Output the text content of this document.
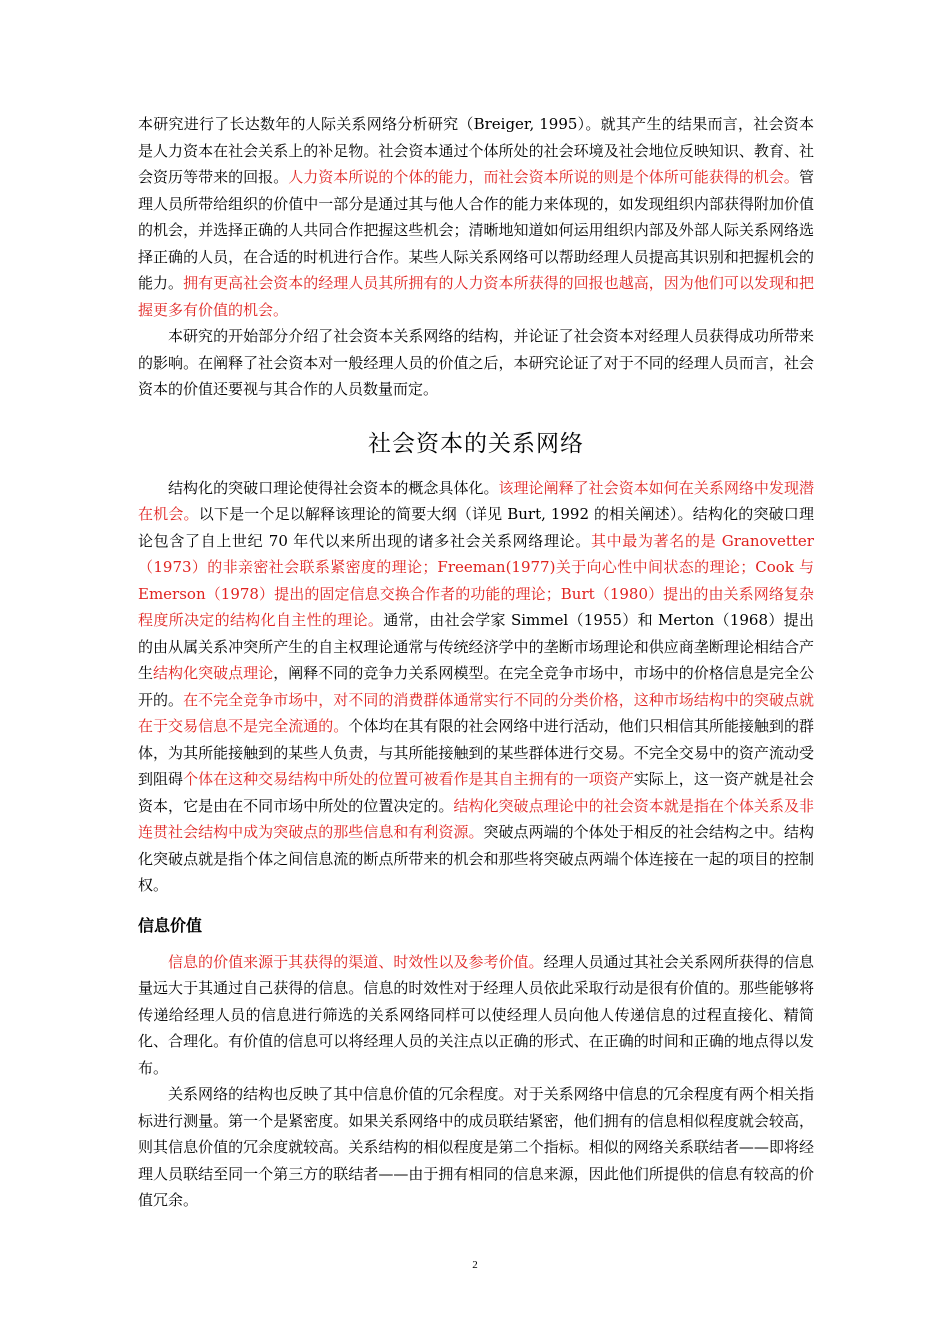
本研究进行了长达数年的人际关系网络分析研究（Breiger, 1995）。就其产生的结果而言，社会资本是人力资本在社会关系上的补足物。社会资本通过个体所处的社会环境及社会地位反映知识、教育、社会资历等带来的回报。人力资本所说的个体的能力，而社会资本所说的则是个体所可能获得的机会。管理人员所带给组织的价值中一部分是通过其与他人合作的能力来体现的，如发现组织内部获得附加价值的机会，并选择正确的人共同合作把握这些机会；清晰地知道如何运用组织内部及外部人际关系网络选择正确的人员，在合适的时机进行合作。某些人际关系网络可以帮助经理人员提高其识别和把握机会的能力。拥有更高社会资本的经理人员其所拥有的人力资本所获得的回报也越高，因为他们可以发现和把握更多有价值的机会。

本研究的开始部分介绍了社会资本关系网络的结构，并论证了社会资本对经理人员获得成功所带来的影响。在阐释了社会资本对一般经理人员的价值之后，本研究论证了对于不同的经理人员而言，社会资本的价值还要视与其合作的人员数量而定。

社会资本的关系网络

结构化的突破口理论使得社会资本的概念具体化。该理论阐释了社会资本如何在关系网络中发现潜在机会。以下是一个足以解释该理论的简要大纲（详见 Burt, 1992 的相关阐述）。结构化的突破口理论包含了自上世纪 70 年代以来所出现的诸多社会关系网络理论。其中最为著名的是 Granovetter（1973）的非亲密社会联系紧密度的理论；Freeman(1977)关于向心性中间状态的理论；Cook 与 Emerson（1978）提出的固定信息交换合作者的功能的理论；Burt（1980）提出的由关系网络复杂程度所决定的结构化自主性的理论。通常，由社会学家 Simmel（1955）和 Merton（1968）提出的由从属关系冲突所产生的自主权理论通常与传统经济学中的垄断市场理论和供应商垄断理论相结合产生结构化突破点理论，阐释不同的竞争力关系网模型。在完全竞争市场中，市场中的价格信息是完全公开的。在不完全竞争市场中，对不同的消费群体通常实行不同的分类价格，这种市场结构中的突破点就在于交易信息不是完全流通的。个体均在其有限的社会网络中进行活动，他们只相信其所能接触到的群体，为其所能接触到的某些人负责，与其所能接触到的某些群体进行交易。不完全交易中的资产流动受到阻碍个体在这种交易结构中所处的位置可被看作是其自主拥有的一项资产实际上，这一资产就是社会资本，它是由在不同市场中所处的位置决定的。结构化突破点理论中的社会资本就是指在个体关系及非连贯社会结构中成为突破点的那些信息和有利资源。突破点两端的个体处于相反的社会结构之中。结构化突破点就是指个体之间信息流的断点所带来的机会和那些将突破点两端个体连接在一起的项目的控制权。

信息价值

信息的价值来源于其获得的渠道、时效性以及参考价值。经理人员通过其社会关系网所获得的信息量远大于其通过自己获得的信息。信息的时效性对于经理人员依此采取行动是很有价值的。那些能够将传递给经理人员的信息进行筛选的关系网络同样可以使经理人员向他人传递信息的过程直接化、精简化、合理化。有价值的信息可以将经理人员的关注点以正确的形式、在正确的时间和正确的地点得以发布。

关系网络的结构也反映了其中信息价值的冗余程度。对于关系网络中信息的冗余程度有两个相关指标进行测量。第一个是紧密度。如果关系网络中的成员联结紧密，他们拥有的信息相似程度就会较高，则其信息价值的冗余度就较高。关系结构的相似程度是第二个指标。相似的网络关系联结者——即将经理人员联结至同一个第三方的联结者——由于拥有相同的信息来源，因此他们所提供的信息有较高的价值冗余。

2
